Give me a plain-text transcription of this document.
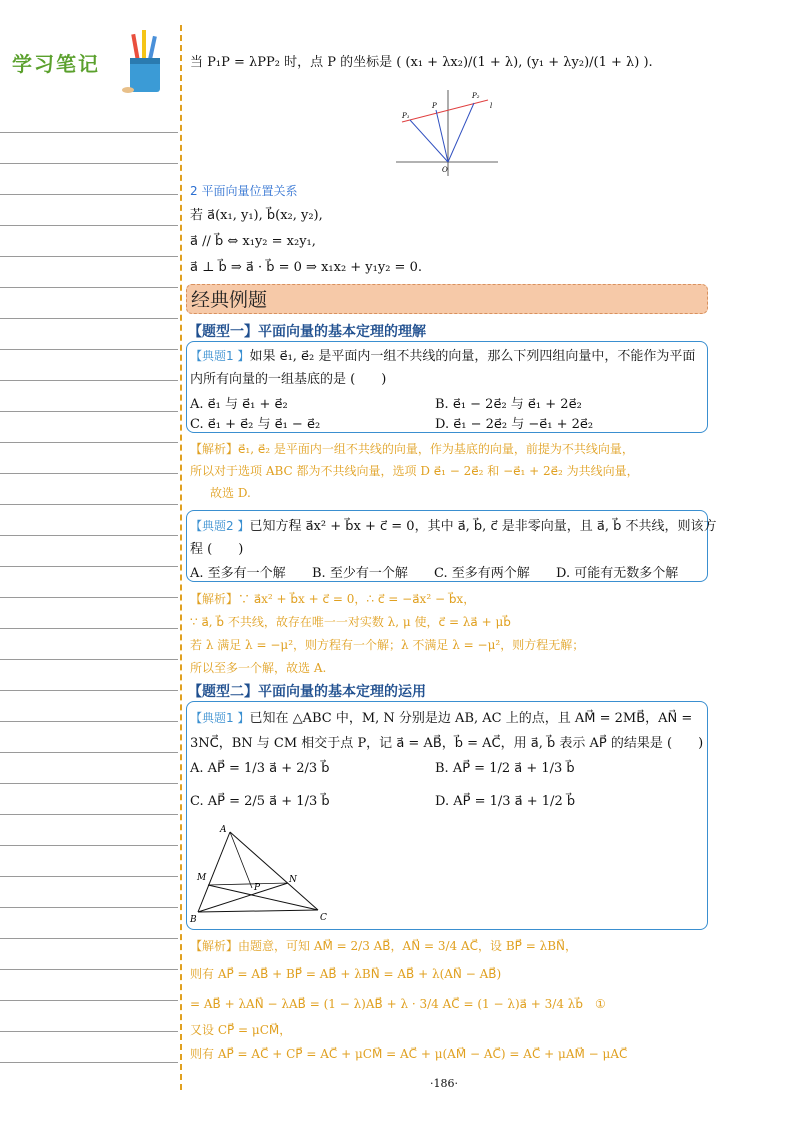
学习笔记	当 P₁P = λPP₂ 时，点 P 的坐标是 ( (x₁ + λx₂)/(1 + λ), (y₁ + λy₂)/(1 + λ) ).
P₁
P
P₂
l
O
2 平面向量位置关系
若 a⃗(x₁, y₁), b⃗(x₂, y₂),
a⃗ // b⃗ ⇔ x₁y₂ = x₂y₁,
a⃗ ⊥ b⃗ ⇒ a⃗ · b⃗ = 0 ⇒ x₁x₂ + y₁y₂ = 0.
经典例题
【题型一】平面向量的基本定理的理解
【典题1 】如果 e⃗₁, e⃗₂ 是平面内一组不共线的向量，那么下列四组向量中，不能作为平面
内所有向量的一组基底的是 (　　)
A. e⃗₁ 与 e⃗₁ + e⃗₂	B. e⃗₁ − 2e⃗₂ 与 e⃗₁ + 2e⃗₂
C. e⃗₁ + e⃗₂ 与 e⃗₁ − e⃗₂	D. e⃗₁ − 2e⃗₂ 与 −e⃗₁ + 2e⃗₂
【解析】e⃗₁, e⃗₂ 是平面内一组不共线的向量，作为基底的向量，前提为不共线向量，
所以对于选项 ABC 都为不共线向量，选项 D e⃗₁ − 2e⃗₂ 和 −e⃗₁ + 2e⃗₂ 为共线向量，
故选 D.
【典题2 】已知方程 a⃗x² + b⃗x + c⃗ = 0，其中 a⃗, b⃗, c⃗ 是非零向量，且 a⃗, b⃗ 不共线，则该方
程 (　　)
A. 至多有一个解 B. 至少有一个解 C. 至多有两个解 D. 可能有无数多个解
【解析】∵ a⃗x² + b⃗x + c⃗ = 0，∴ c⃗ = −a⃗x² − b⃗x，
∵ a⃗, b⃗ 不共线，故存在唯一一对实数 λ, μ 使，c⃗ = λa⃗ + μb⃗
若 λ 满足 λ = −μ²，则方程有一个解；λ 不满足 λ = −μ²，则方程无解；
所以至多一个解，故选 A.
【题型二】平面向量的基本定理的运用
【典题1 】已知在 △ABC 中，M, N 分别是边 AB, AC 上的点，且 AM⃗ = 2MB⃗，AN⃗ =
3NC⃗，BN 与 CM 相交于点 P，记 a⃗ = AB⃗，b⃗ = AC⃗，用 a⃗, b⃗ 表示 AP⃗ 的结果是 (　　)
A. AP⃗ = 1/3 a⃗ + 2/3 b⃗	B. AP⃗ = 1/2 a⃗ + 1/3 b⃗
C. AP⃗ = 2/5 a⃗ + 1/3 b⃗	D. AP⃗ = 1/3 a⃗ + 1/2 b⃗
A
M	N
P
B	C
【解析】由题意，可知 AM⃗ = 2/3 AB⃗，AN⃗ = 3/4 AC⃗，设 BP⃗ = λBN⃗，
则有 AP⃗ = AB⃗ + BP⃗ = AB⃗ + λBN⃗ = AB⃗ + λ(AN⃗ − AB⃗)
= AB⃗ + λAN⃗ − λAB⃗ = (1 − λ)AB⃗ + λ · 3/4 AC⃗ = (1 − λ)a⃗ + 3/4 λb⃗　①
又设 CP⃗ = μCM⃗，
则有 AP⃗ = AC⃗ + CP⃗ = AC⃗ + μCM⃗ = AC⃗ + μ(AM⃗ − AC⃗) = AC⃗ + μAM⃗ − μAC⃗
·186·
